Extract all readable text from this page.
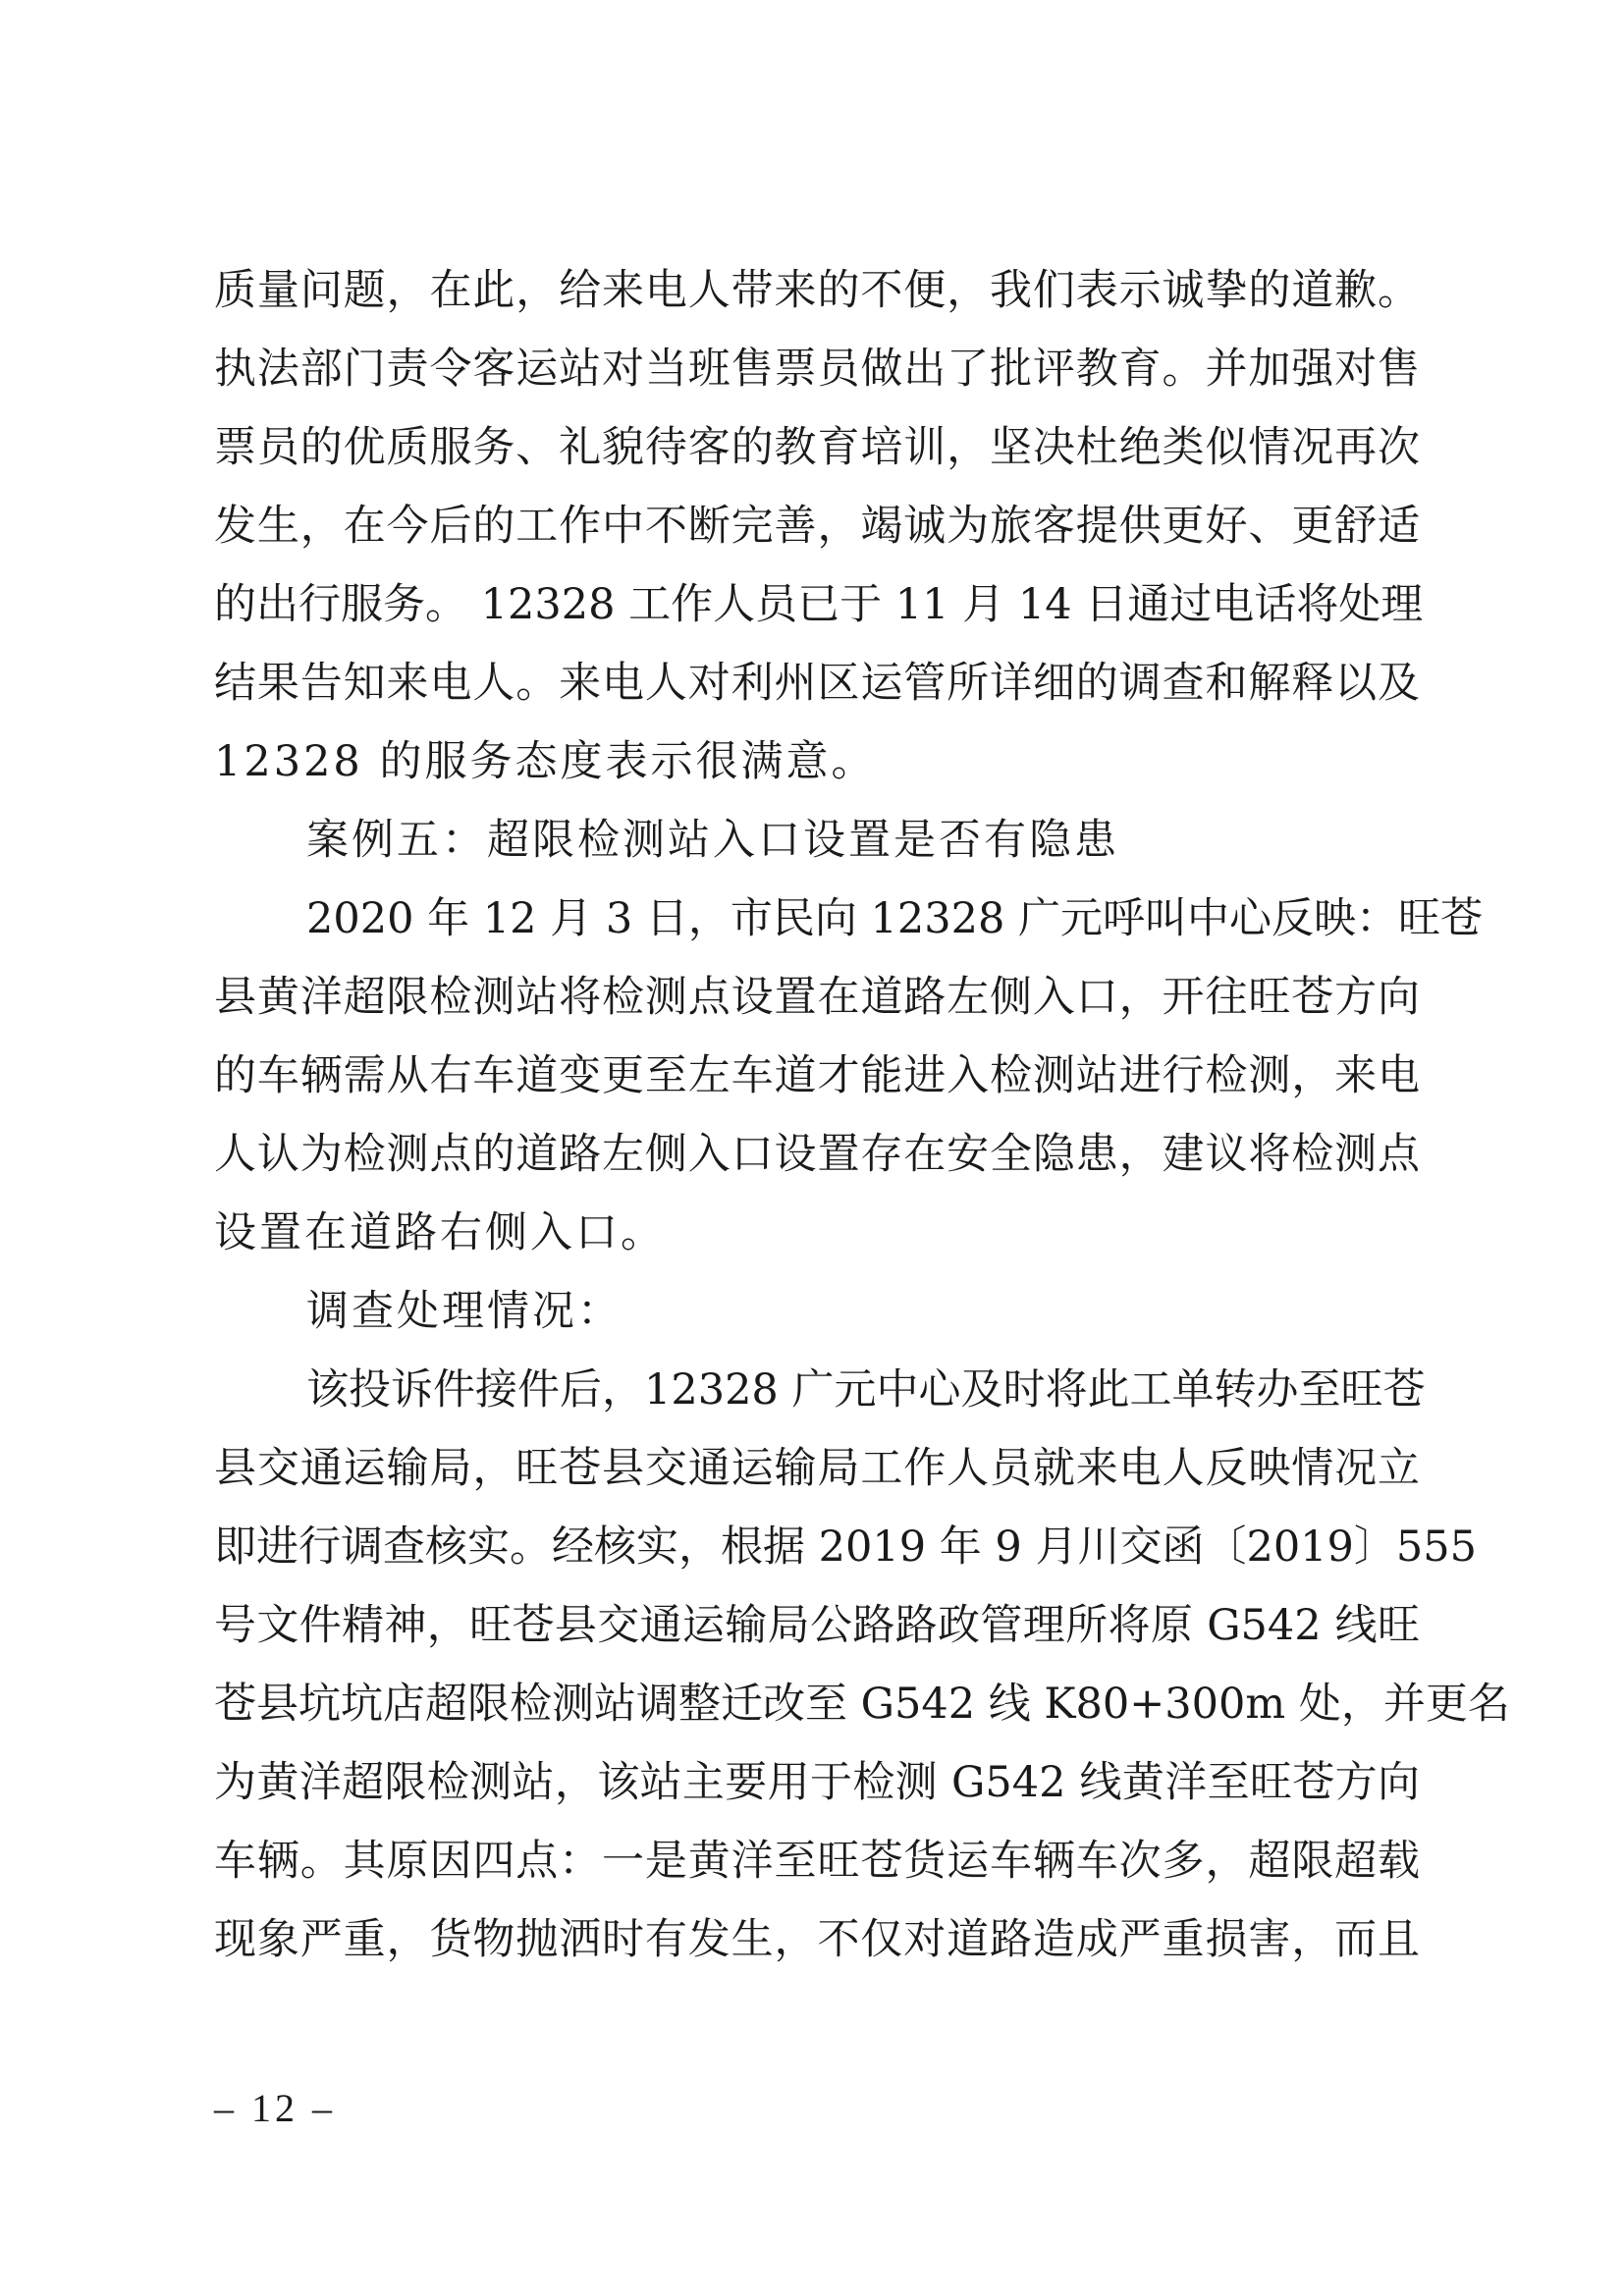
质量问题，在此，给来电人带来的不便，我们表示诚挚的道歉。
执法部门责令客运站对当班售票员做出了批评教育。并加强对售
票员的优质服务、礼貌待客的教育培训，坚决杜绝类似情况再次
发生，在今后的工作中不断完善，竭诚为旅客提供更好、更舒适
的出行服务。 12328 工作人员已于 11 月 14 日通过电话将处理
结果告知来电人。来电人对利州区运管所详细的调查和解释以及
12328 的服务态度表示很满意。
案例五：超限检测站入口设置是否有隐患
2020 年 12 月 3 日，市民向 12328 广元呼叫中心反映：旺苍
县黄洋超限检测站将检测点设置在道路左侧入口，开往旺苍方向
的车辆需从右车道变更至左车道才能进入检测站进行检测，来电
人认为检测点的道路左侧入口设置存在安全隐患，建议将检测点
设置在道路右侧入口。
调查处理情况：
该投诉件接件后，12328 广元中心及时将此工单转办至旺苍
县交通运输局，旺苍县交通运输局工作人员就来电人反映情况立
即进行调查核实。经核实，根据 2019 年 9 月川交函〔2019〕555
号文件精神，旺苍县交通运输局公路路政管理所将原 G542 线旺
苍县坑坑店超限检测站调整迁改至 G542 线 K80+300m 处，并更名
为黄洋超限检测站，该站主要用于检测 G542 线黄洋至旺苍方向
车辆。其原因四点：一是黄洋至旺苍货运车辆车次多，超限超载
现象严重，货物抛洒时有发生，不仅对道路造成严重损害，而且
– 12 –
